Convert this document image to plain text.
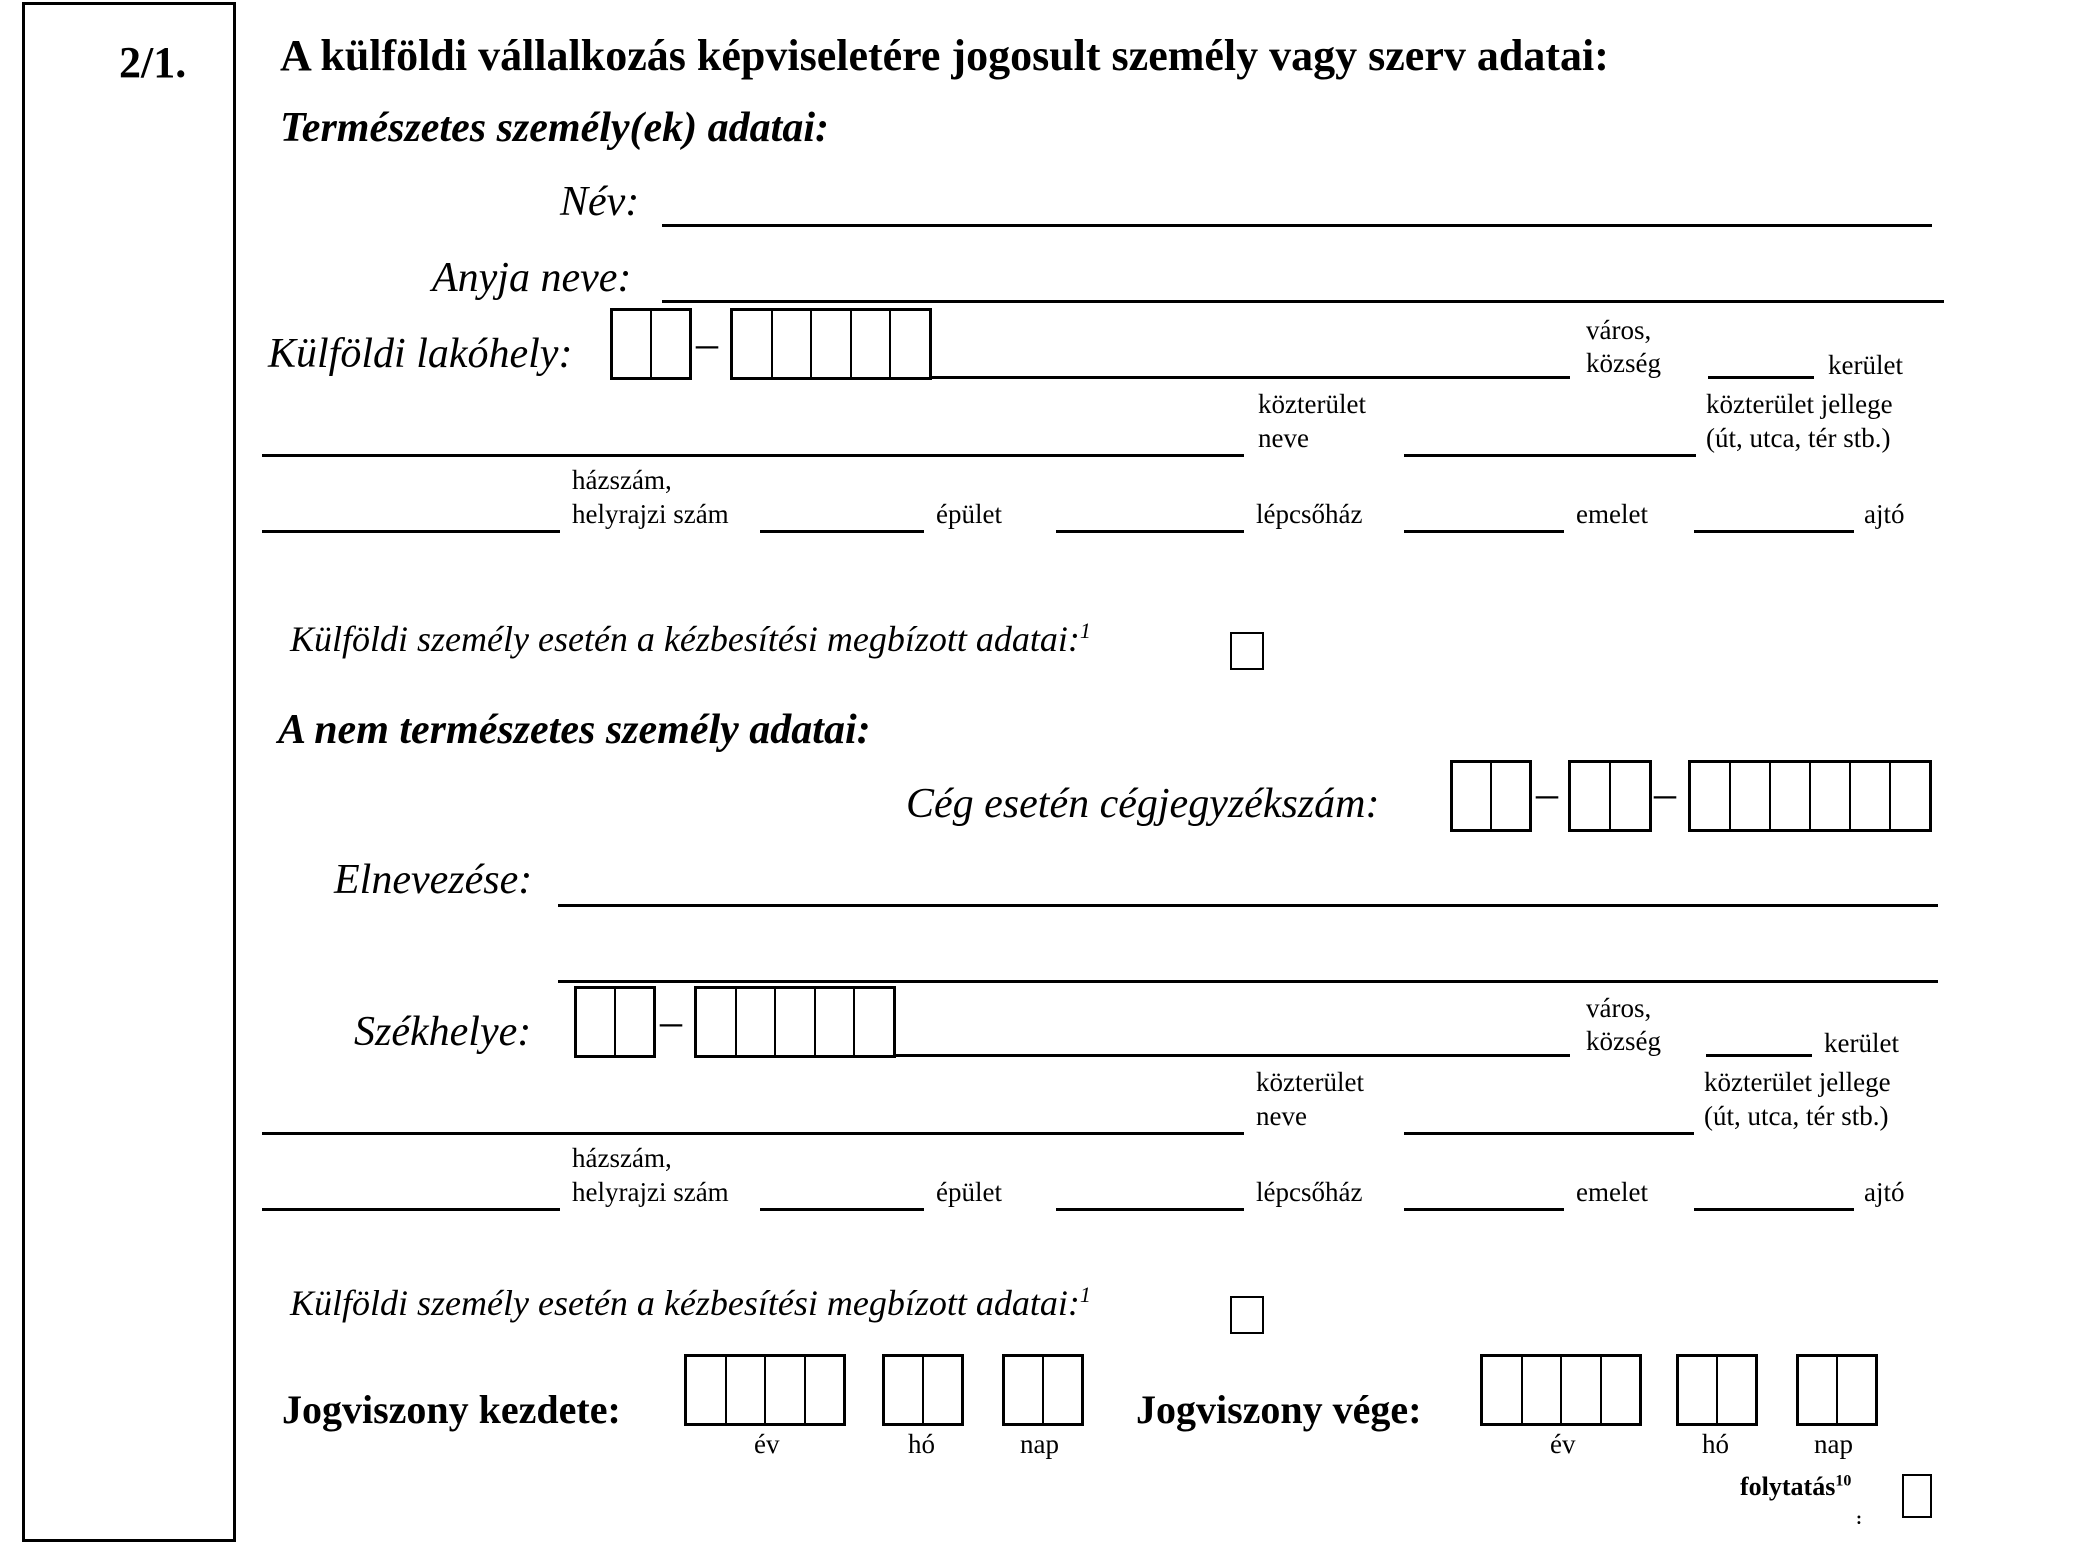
2/1. A külföldi vállalkozás képviseletére jogosult személy vagy szerv adatai:
Természetes személy(ek) adatai:
Név:
Anyja neve:
Külföldi lakóhely:	–	város,
község	kerület
közterület
neve
közterület jellege
(út, utca, tér stb.)
házszám,
helyrajzi szám	épület	lépcsőház	emelet	ajtó
Külföldi személy esetén a kézbesítési megbízott adatai:$^1$
A nem természetes személy adatai:
Cég esetén cégjegyzékszám:	– –
Elnevezése:
Székhelye:	–	város,
község	kerület
közterület
neve
közterület jellege
(út, utca, tér stb.)
házszám,
helyrajzi szám	épület	lépcsőház	emelet	ajtó
Külföldi személy esetén a kézbesítési megbízott adatai:$^1$
Jogviszony kezdete:
év	hó	nap
Jogviszony vége:
év	hó	nap
folytatás$^{10}$
:
